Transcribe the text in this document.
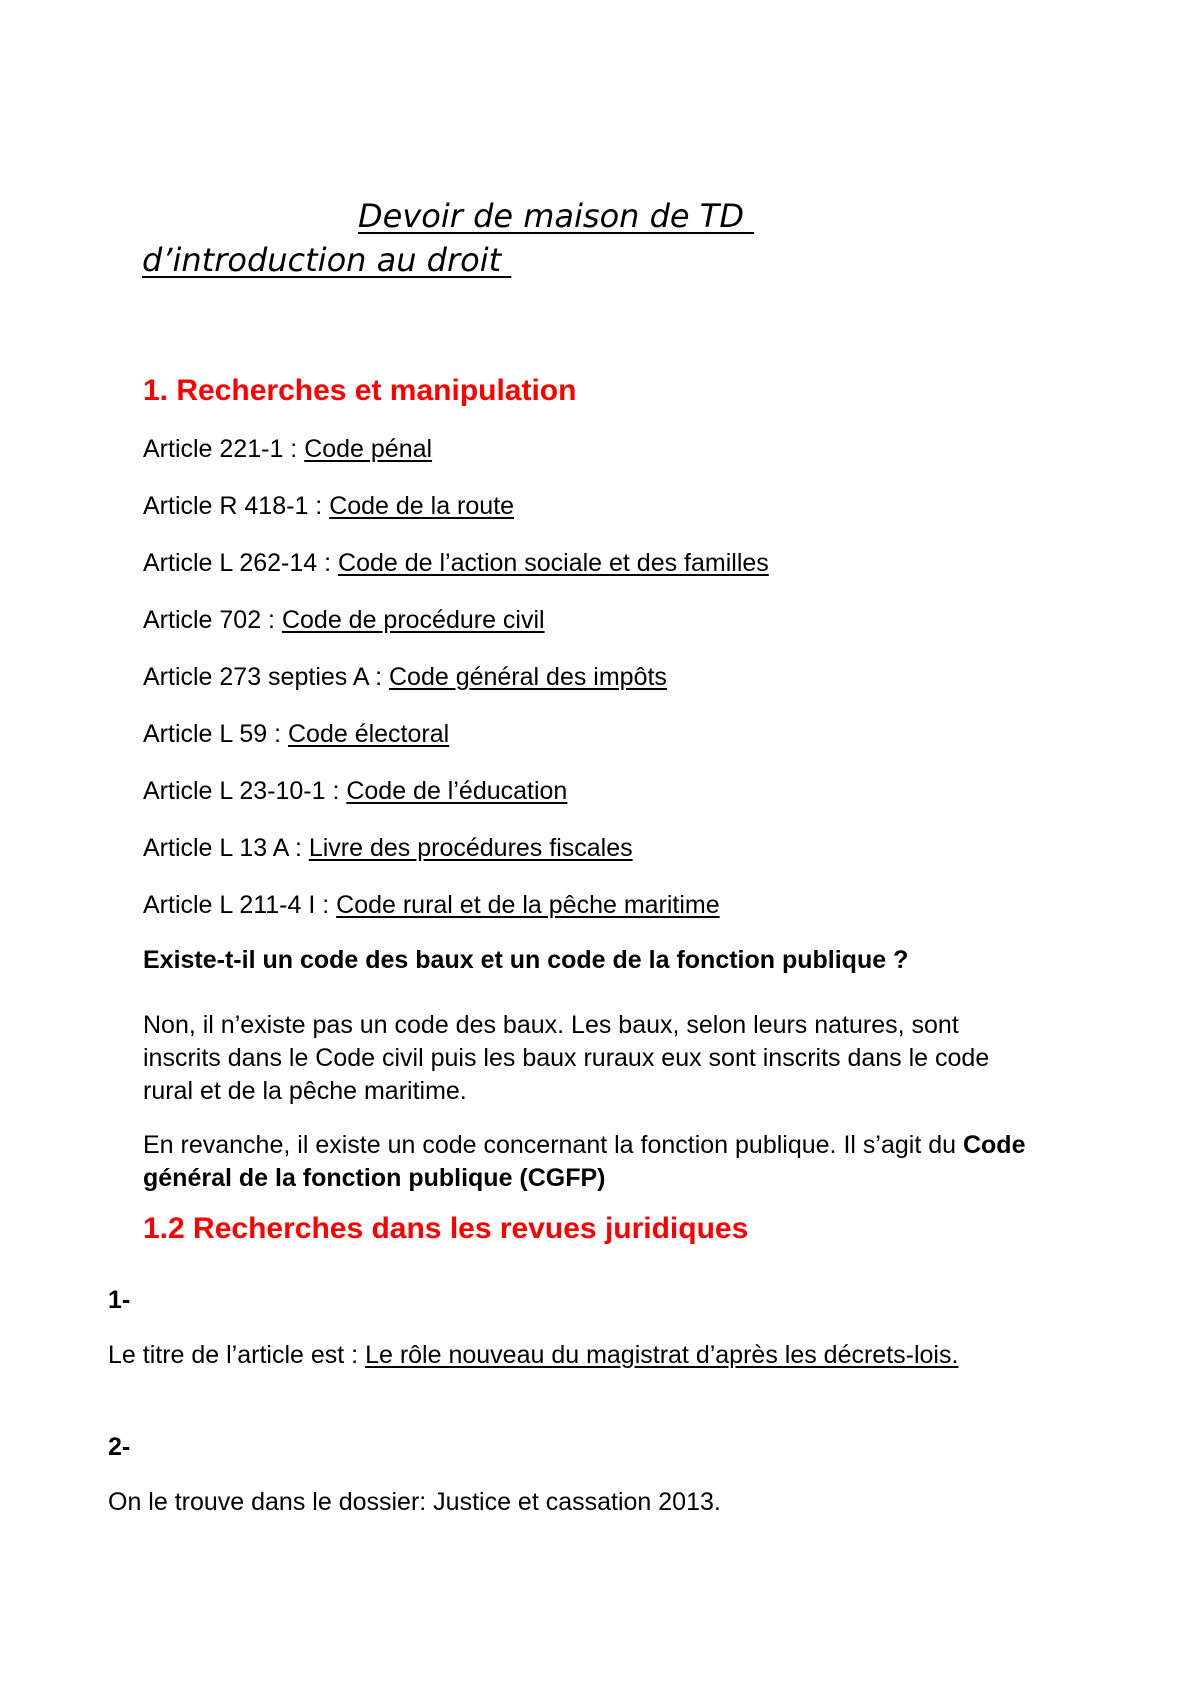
Devoir de maison de TD
d’introduction au droit
1. Recherches et manipulation
Article 221-1 : Code pénal
Article R 418-1 : Code de la route
Article L 262-14 : Code de l’action sociale et des familles
Article 702 : Code de procédure civil
Article 273 septies A : Code général des impôts
Article L 59 : Code électoral
Article L 23-10-1 : Code de l’éducation
Article L 13 A : Livre des procédures fiscales
Article L 211-4 I : Code rural et de la pêche maritime
Existe-t-il un code des baux et un code de la fonction publique ?
Non, il n’existe pas un code des baux. Les baux, selon leurs natures, sont inscrits dans le Code civil puis les baux ruraux eux sont inscrits dans le code rural et de la pêche maritime.
En revanche, il existe un code concernant la fonction publique. Il s’agit du Code général de la fonction publique (CGFP)
1.2 Recherches dans les revues juridiques
1-
Le titre de l’article est : Le rôle nouveau du magistrat d’après les décrets-lois.
2-
On le trouve dans le dossier: Justice et cassation 2013.
